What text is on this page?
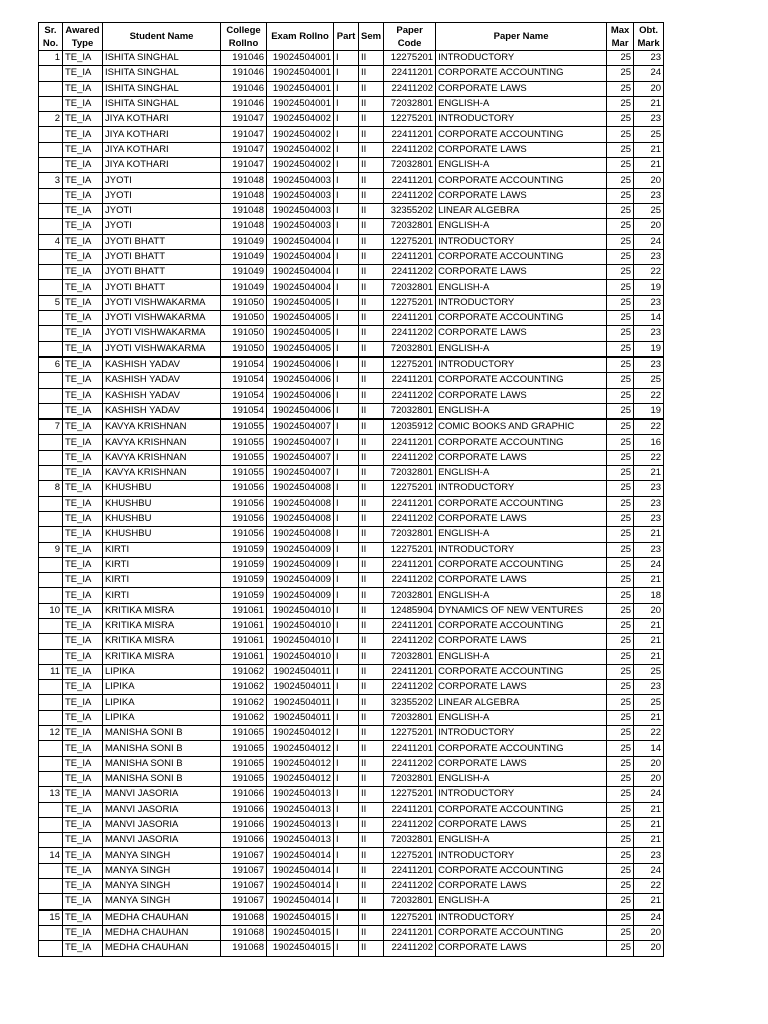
Sr. No.	Awared Type	Student Name	College Rollno	Exam Rollno	Part	Sem	Paper Code	Paper Name	Max Mar	Obt. Mark
1	TE_IA	ISHITA SINGHAL	191046	19024504001	I	II	12275201	INTRODUCTORY	25	23
	TE_IA	ISHITA SINGHAL	191046	19024504001	I	II	22411201	CORPORATE ACCOUNTING	25	24
	TE_IA	ISHITA SINGHAL	191046	19024504001	I	II	22411202	CORPORATE LAWS	25	20
	TE_IA	ISHITA SINGHAL	191046	19024504001	I	II	72032801	ENGLISH-A	25	21
2	TE_IA	JIYA KOTHARI	191047	19024504002	I	II	12275201	INTRODUCTORY	25	23
	TE_IA	JIYA KOTHARI	191047	19024504002	I	II	22411201	CORPORATE ACCOUNTING	25	25
	TE_IA	JIYA KOTHARI	191047	19024504002	I	II	22411202	CORPORATE LAWS	25	21
	TE_IA	JIYA KOTHARI	191047	19024504002	I	II	72032801	ENGLISH-A	25	21
3	TE_IA	JYOTI	191048	19024504003	I	II	22411201	CORPORATE ACCOUNTING	25	20
	TE_IA	JYOTI	191048	19024504003	I	II	22411202	CORPORATE LAWS	25	23
	TE_IA	JYOTI	191048	19024504003	I	II	32355202	LINEAR ALGEBRA	25	25
	TE_IA	JYOTI	191048	19024504003	I	II	72032801	ENGLISH-A	25	20
4	TE_IA	JYOTI BHATT	191049	19024504004	I	II	12275201	INTRODUCTORY	25	24
	TE_IA	JYOTI BHATT	191049	19024504004	I	II	22411201	CORPORATE ACCOUNTING	25	23
	TE_IA	JYOTI BHATT	191049	19024504004	I	II	22411202	CORPORATE LAWS	25	22
	TE_IA	JYOTI BHATT	191049	19024504004	I	II	72032801	ENGLISH-A	25	19
5	TE_IA	JYOTI VISHWAKARMA	191050	19024504005	I	II	12275201	INTRODUCTORY	25	23
	TE_IA	JYOTI VISHWAKARMA	191050	19024504005	I	II	22411201	CORPORATE ACCOUNTING	25	14
	TE_IA	JYOTI VISHWAKARMA	191050	19024504005	I	II	22411202	CORPORATE LAWS	25	23
	TE_IA	JYOTI VISHWAKARMA	191050	19024504005	I	II	72032801	ENGLISH-A	25	19
6	TE_IA	KASHISH YADAV	191054	19024504006	I	II	12275201	INTRODUCTORY	25	23
	TE_IA	KASHISH YADAV	191054	19024504006	I	II	22411201	CORPORATE ACCOUNTING	25	25
	TE_IA	KASHISH YADAV	191054	19024504006	I	II	22411202	CORPORATE LAWS	25	22
	TE_IA	KASHISH YADAV	191054	19024504006	I	II	72032801	ENGLISH-A	25	19
7	TE_IA	KAVYA KRISHNAN	191055	19024504007	I	II	12035912	COMIC BOOKS AND GRAPHIC	25	22
	TE_IA	KAVYA KRISHNAN	191055	19024504007	I	II	22411201	CORPORATE ACCOUNTING	25	16
	TE_IA	KAVYA KRISHNAN	191055	19024504007	I	II	22411202	CORPORATE LAWS	25	22
	TE_IA	KAVYA KRISHNAN	191055	19024504007	I	II	72032801	ENGLISH-A	25	21
8	TE_IA	KHUSHBU	191056	19024504008	I	II	12275201	INTRODUCTORY	25	23
	TE_IA	KHUSHBU	191056	19024504008	I	II	22411201	CORPORATE ACCOUNTING	25	23
	TE_IA	KHUSHBU	191056	19024504008	I	II	22411202	CORPORATE LAWS	25	23
	TE_IA	KHUSHBU	191056	19024504008	I	II	72032801	ENGLISH-A	25	21
9	TE_IA	KIRTI	191059	19024504009	I	II	12275201	INTRODUCTORY	25	23
	TE_IA	KIRTI	191059	19024504009	I	II	22411201	CORPORATE ACCOUNTING	25	24
	TE_IA	KIRTI	191059	19024504009	I	II	22411202	CORPORATE LAWS	25	21
	TE_IA	KIRTI	191059	19024504009	I	II	72032801	ENGLISH-A	25	18
10	TE_IA	KRITIKA MISRA	191061	19024504010	I	II	12485904	DYNAMICS OF NEW VENTURES	25	20
	TE_IA	KRITIKA MISRA	191061	19024504010	I	II	22411201	CORPORATE ACCOUNTING	25	21
	TE_IA	KRITIKA MISRA	191061	19024504010	I	II	22411202	CORPORATE LAWS	25	21
	TE_IA	KRITIKA MISRA	191061	19024504010	I	II	72032801	ENGLISH-A	25	21
11	TE_IA	LIPIKA	191062	19024504011	I	II	22411201	CORPORATE ACCOUNTING	25	25
	TE_IA	LIPIKA	191062	19024504011	I	II	22411202	CORPORATE LAWS	25	23
	TE_IA	LIPIKA	191062	19024504011	I	II	32355202	LINEAR ALGEBRA	25	25
	TE_IA	LIPIKA	191062	19024504011	I	II	72032801	ENGLISH-A	25	21
12	TE_IA	MANISHA SONI B	191065	19024504012	I	II	12275201	INTRODUCTORY	25	22
	TE_IA	MANISHA SONI B	191065	19024504012	I	II	22411201	CORPORATE ACCOUNTING	25	14
	TE_IA	MANISHA SONI B	191065	19024504012	I	II	22411202	CORPORATE LAWS	25	20
	TE_IA	MANISHA SONI B	191065	19024504012	I	II	72032801	ENGLISH-A	25	20
13	TE_IA	MANVI JASORIA	191066	19024504013	I	II	12275201	INTRODUCTORY	25	24
	TE_IA	MANVI JASORIA	191066	19024504013	I	II	22411201	CORPORATE ACCOUNTING	25	21
	TE_IA	MANVI JASORIA	191066	19024504013	I	II	22411202	CORPORATE LAWS	25	21
	TE_IA	MANVI JASORIA	191066	19024504013	I	II	72032801	ENGLISH-A	25	21
14	TE_IA	MANYA SINGH	191067	19024504014	I	II	12275201	INTRODUCTORY	25	23
	TE_IA	MANYA SINGH	191067	19024504014	I	II	22411201	CORPORATE ACCOUNTING	25	24
	TE_IA	MANYA SINGH	191067	19024504014	I	II	22411202	CORPORATE LAWS	25	22
	TE_IA	MANYA SINGH	191067	19024504014	I	II	72032801	ENGLISH-A	25	21
15	TE_IA	MEDHA CHAUHAN	191068	19024504015	I	II	12275201	INTRODUCTORY	25	24
	TE_IA	MEDHA CHAUHAN	191068	19024504015	I	II	22411201	CORPORATE ACCOUNTING	25	20
	TE_IA	MEDHA CHAUHAN	191068	19024504015	I	II	22411202	CORPORATE LAWS	25	20
